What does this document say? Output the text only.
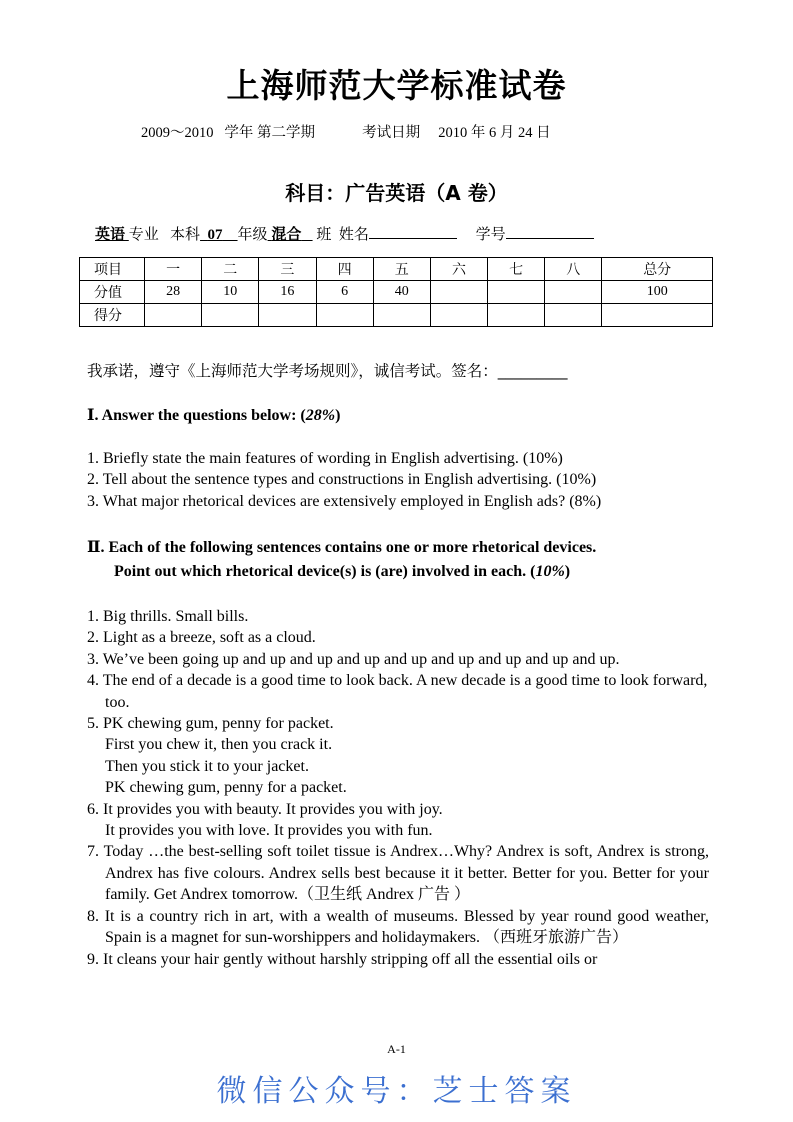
上海师范大学标准试卷
2009～2010 学年 第二学期	考试日期 2010 年 6 月 24 日
科目：广告英语（A 卷）
英语 专业 本科 07 年级 混合 班 姓名	学号
项目	一	二	三	四	五	六	七	八	总分
分值	28	10	16	6	40				100
得分									
我承诺，遵守《上海师范大学考场规则》，诚信考试。签名：_________
Ⅰ. Answer the questions below: (28%)
1. Briefly state the main features of wording in English advertising. (10%)
2. Tell about the sentence types and constructions in English advertising. (10%)
3. What major rhetorical devices are extensively employed in English ads? (8%)
Ⅱ. Each of the following sentences contains one or more rhetorical devices.
Point out which rhetorical device(s) is (are) involved in each. (10%)
1. Big thrills. Small bills.
2. Light as a breeze, soft as a cloud.
3. We’ve been going up and up and up and up and up and up and up and up and up.
4. The end of a decade is a good time to look back. A new decade is a good time to look forward, too.
5. PK chewing gum, penny for packet.
First you chew it, then you crack it.
Then you stick it to your jacket.
PK chewing gum, penny for a packet.
6. It provides you with beauty. It provides you with joy.
It provides you with love. It provides you with fun.
7. Today …the best-selling soft toilet tissue is Andrex…Why? Andrex is soft, Andrex is strong, Andrex has five colours. Andrex sells best because it it better. Better for you. Better for your family. Get Andrex tomorrow.（卫生纸 Andrex 广告 ）
8. It is a country rich in art, with a wealth of museums. Blessed by year round good weather, Spain is a magnet for sun-worshippers and holidaymakers. （西班牙旅游广告）
9. It cleans your hair gently without harshly stripping off all the essential oils or
A-1
微信公众号：芝士答案
